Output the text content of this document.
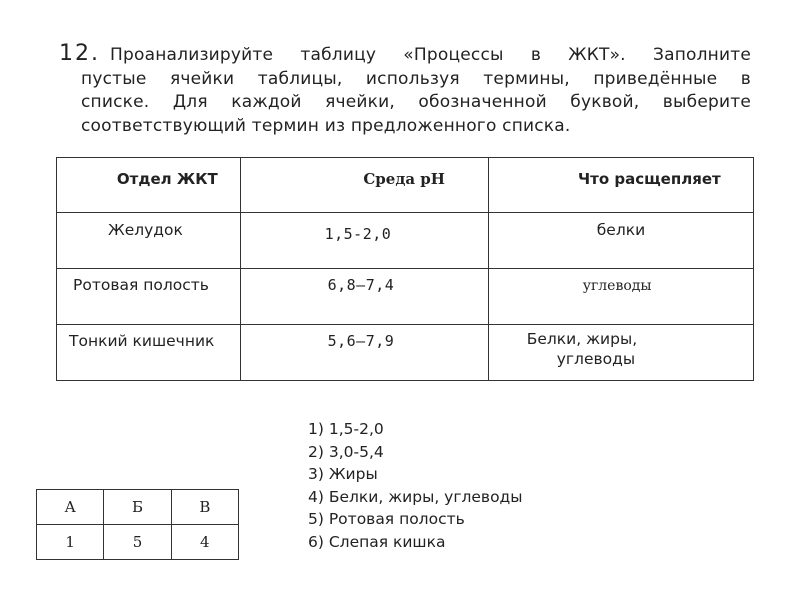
12. Проанализируйте таблицу «Процессы в ЖКТ». Заполните
пустые ячейки таблицы, используя термины, приведённые в
списке. Для каждой ячейки, обозначенной буквой, выберите
соответствующий термин из предложенного списка.
Отдел ЖКТ	Среда рН	Что расщепляет

Желудок	1,5-2,0	белки

Ротовая полость	6,8–7,4	углеводы

Тонкий кишечник	5,6–7,9	Белки, жиры,
углеводы
А	Б	В
1	5	4
1) 1,5-2,0
2) 3,0-5,4
3) Жиры
4) Белки, жиры, углеводы
5) Ротовая полость
6) Слепая кишка
